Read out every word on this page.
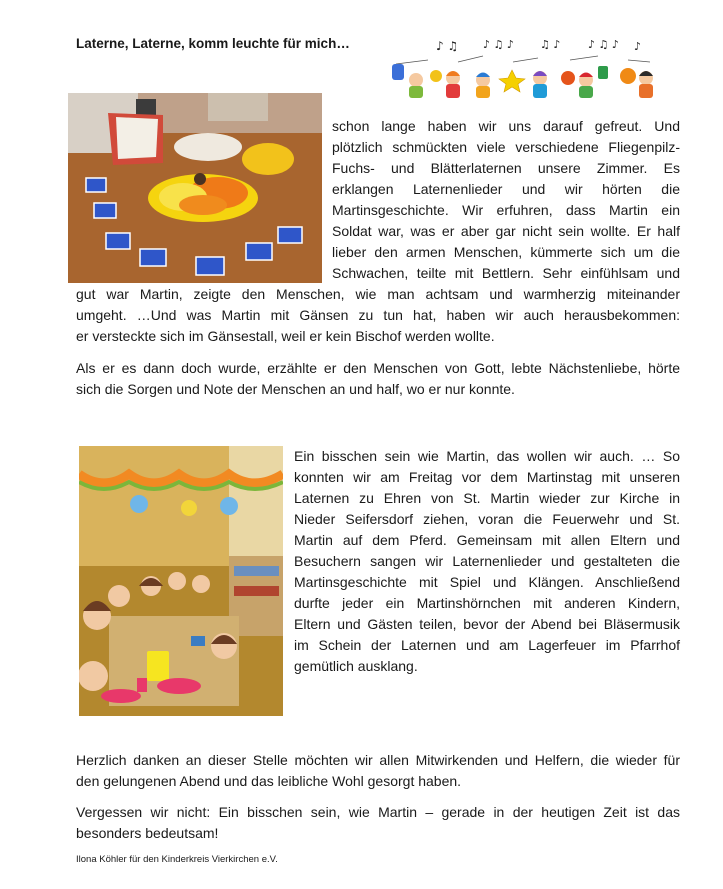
Laterne, Laterne, komm leuchte für mich…	♪ ♫ ♪ ♫ ♪ ♫ ♪	♪ ♫ ♪ ♪
schon lange haben wir uns darauf gefreut. Und
plötzlich schmückten viele verschiedene Fliegenpilz-
Fuchs- und Blätterlaternen unsere Zimmer. Es
erklangen Laternenlieder und wir hörten die
Martinsgeschichte. Wir erfuhren, dass Martin ein
Soldat war, was er aber gar nicht sein wollte. Er half
lieber den armen Menschen, kümmerte sich um die
Schwachen, teilte mit Bettlern. Sehr einfühlsam und
gut war Martin, zeigte den Menschen, wie man achtsam und warmherzig miteinander
umgeht. …Und was Martin mit Gänsen zu tun hat, haben wir auch herausbekommen:
er versteckte sich im Gänsestall, weil er kein Bischof werden wollte.
Als er es dann doch wurde, erzählte er den Menschen von Gott, lebte Nächstenliebe, hörte
sich die Sorgen und Note der Menschen an und half, wo er nur konnte.
Ein bisschen sein wie Martin, das wollen wir auch. … So
konnten wir am Freitag vor dem Martinstag mit unseren
Laternen zu Ehren von St. Martin wieder zur Kirche in
Nieder Seifersdorf ziehen, voran die Feuerwehr und St.
Martin auf dem Pferd. Gemeinsam mit allen Eltern und
Besuchern sangen wir Laternenlieder und gestalteten die
Martinsgeschichte mit Spiel und Klängen. Anschließend
durfte jeder ein Martinshörnchen mit anderen Kindern,
Eltern und Gästen teilen, bevor der Abend bei Bläsermusik
im Schein der Laternen und am Lagerfeuer im Pfarrhof
gemütlich ausklang.
Herzlich danken an dieser Stelle möchten wir allen Mitwirkenden und Helfern, die wieder für
den gelungenen Abend und das leibliche Wohl gesorgt haben.
Vergessen wir nicht: Ein bisschen sein, wie Martin – gerade in der heutigen Zeit ist das
besonders bedeutsam!
Ilona Köhler für den Kinderkreis Vierkirchen e.V.
